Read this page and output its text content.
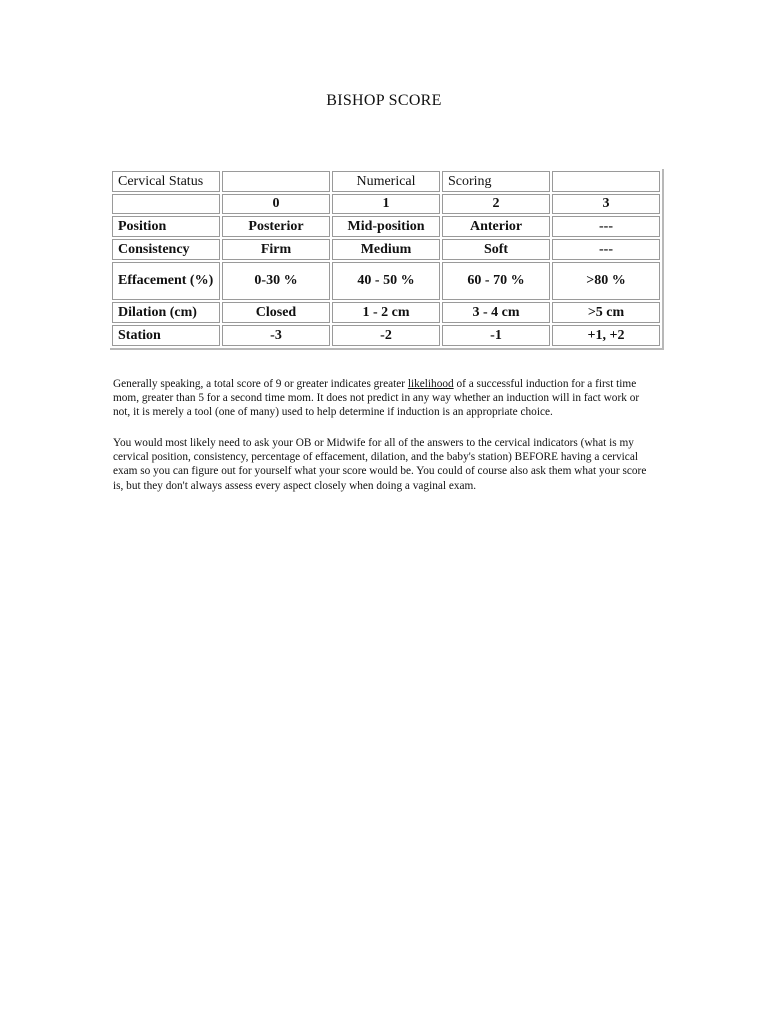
BISHOP SCORE
Cervical Status		Numerical	Scoring	
	0	1	2	3
Position	Posterior	Mid-position	Anterior	---
Consistency	Firm	Medium	Soft	---
Effacement (%)	0-30 %	40 - 50 %	60 - 70 %	>80 %
Dilation (cm)	Closed	1 - 2 cm	3 - 4 cm	>5 cm
Station	-3	-2	-1	+1, +2

Generally speaking, a total score of 9 or greater indicates greater likelihood of a successful induction for a first time mom, greater than 5 for a second time mom. It does not predict in any way whether an induction will in fact work or not, it is merely a tool (one of many) used to help determine if induction is an appropriate choice.

You would most likely need to ask your OB or Midwife for all of the answers to the cervical indicators (what is my cervical position, consistency, percentage of effacement, dilation, and the baby's station) BEFORE having a cervical exam so you can figure out for yourself what your score would be. You could of course also ask them what your score is, but they don't always assess every aspect closely when doing a vaginal exam.
